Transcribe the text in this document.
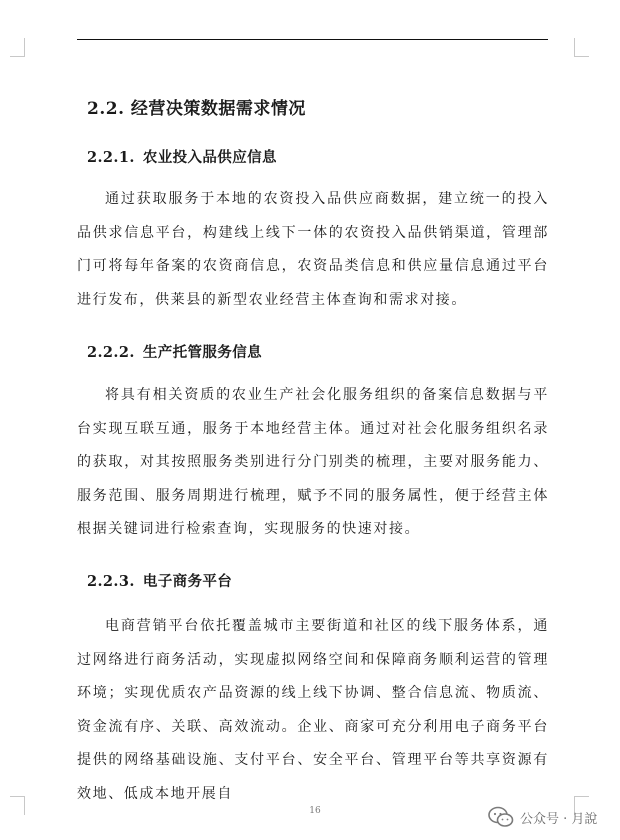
2.2. 经营决策数据需求情况
2.2.1. 农业投入品供应信息
通过获取服务于本地的农资投入品供应商数据，建立统一的投入品供求信息平台，构建线上线下一体的农资投入品供销渠道，管理部门可将每年备案的农资商信息，农资品类信息和供应量信息通过平台进行发布，供莱县的新型农业经营主体查询和需求对接。
2.2.2. 生产托管服务信息
将具有相关资质的农业生产社会化服务组织的备案信息数据与平台实现互联互通，服务于本地经营主体。通过对社会化服务组织名录的获取，对其按照服务类别进行分门别类的梳理，主要对服务能力、服务范围、服务周期进行梳理，赋予不同的服务属性，便于经营主体根据关键词进行检索查询，实现服务的快速对接。
2.2.3. 电子商务平台
电商营销平台依托覆盖城市主要街道和社区的线下服务体系，通过网络进行商务活动，实现虚拟网络空间和保障商务顺利运营的管理环境；实现优质农产品资源的线上线下协调、整合信息流、物质流、资金流有序、关联、高效流动。企业、商家可充分利用电子商务平台提供的网络基础设施、支付平台、安全平台、管理平台等共享资源有效地、低成本地开展自
16
公众号 · 月說
